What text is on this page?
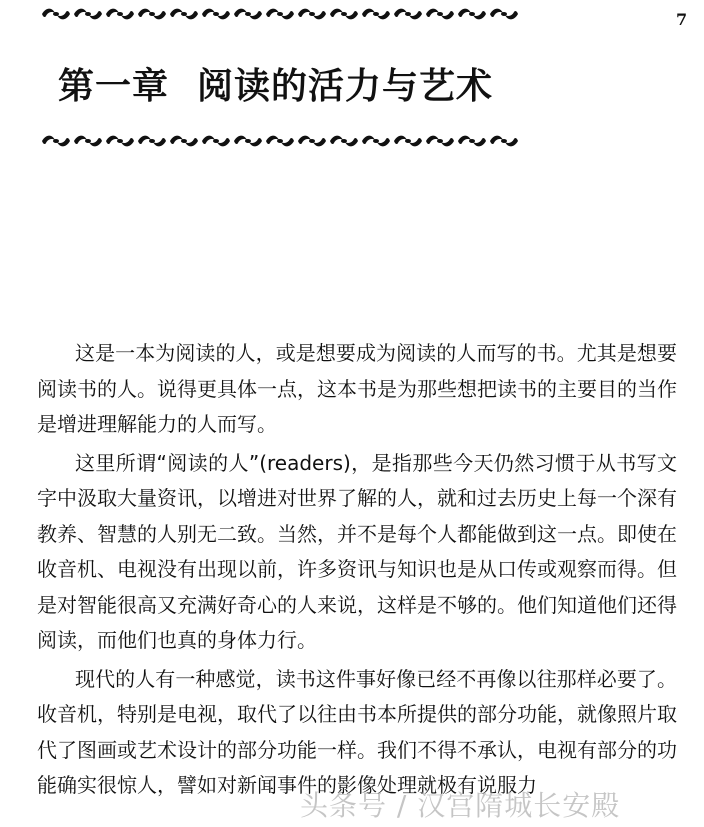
7
第一章 阅读的活力与艺术

这是一本为阅读的人，或是想要成为阅读的人而写的书。尤其是想要阅读书的人。说得更具体一点，这本书是为那些想把读书的主要目的当作是增进理解能力的人而写。

这里所谓“阅读的人”(readers)，是指那些今天仍然习惯于从书写文字中汲取大量资讯，以增进对世界了解的人，就和过去历史上每一个深有教养、智慧的人别无二致。当然，并不是每个人都能做到这一点。即使在收音机、电视没有出现以前，许多资讯与知识也是从口传或观察而得。但是对智能很高又充满好奇心的人来说，这样是不够的。他们知道他们还得阅读，而他们也真的身体力行。

现代的人有一种感觉，读书这件事好像已经不再像以往那样必要了。收音机，特别是电视，取代了以往由书本所提供的部分功能，就像照片取代了图画或艺术设计的部分功能一样。我们不得不承认，电视有部分的功能确实很惊人，譬如对新闻事件的影像处理就极有说服力

头条号 / 汉宫隋城长安殿
